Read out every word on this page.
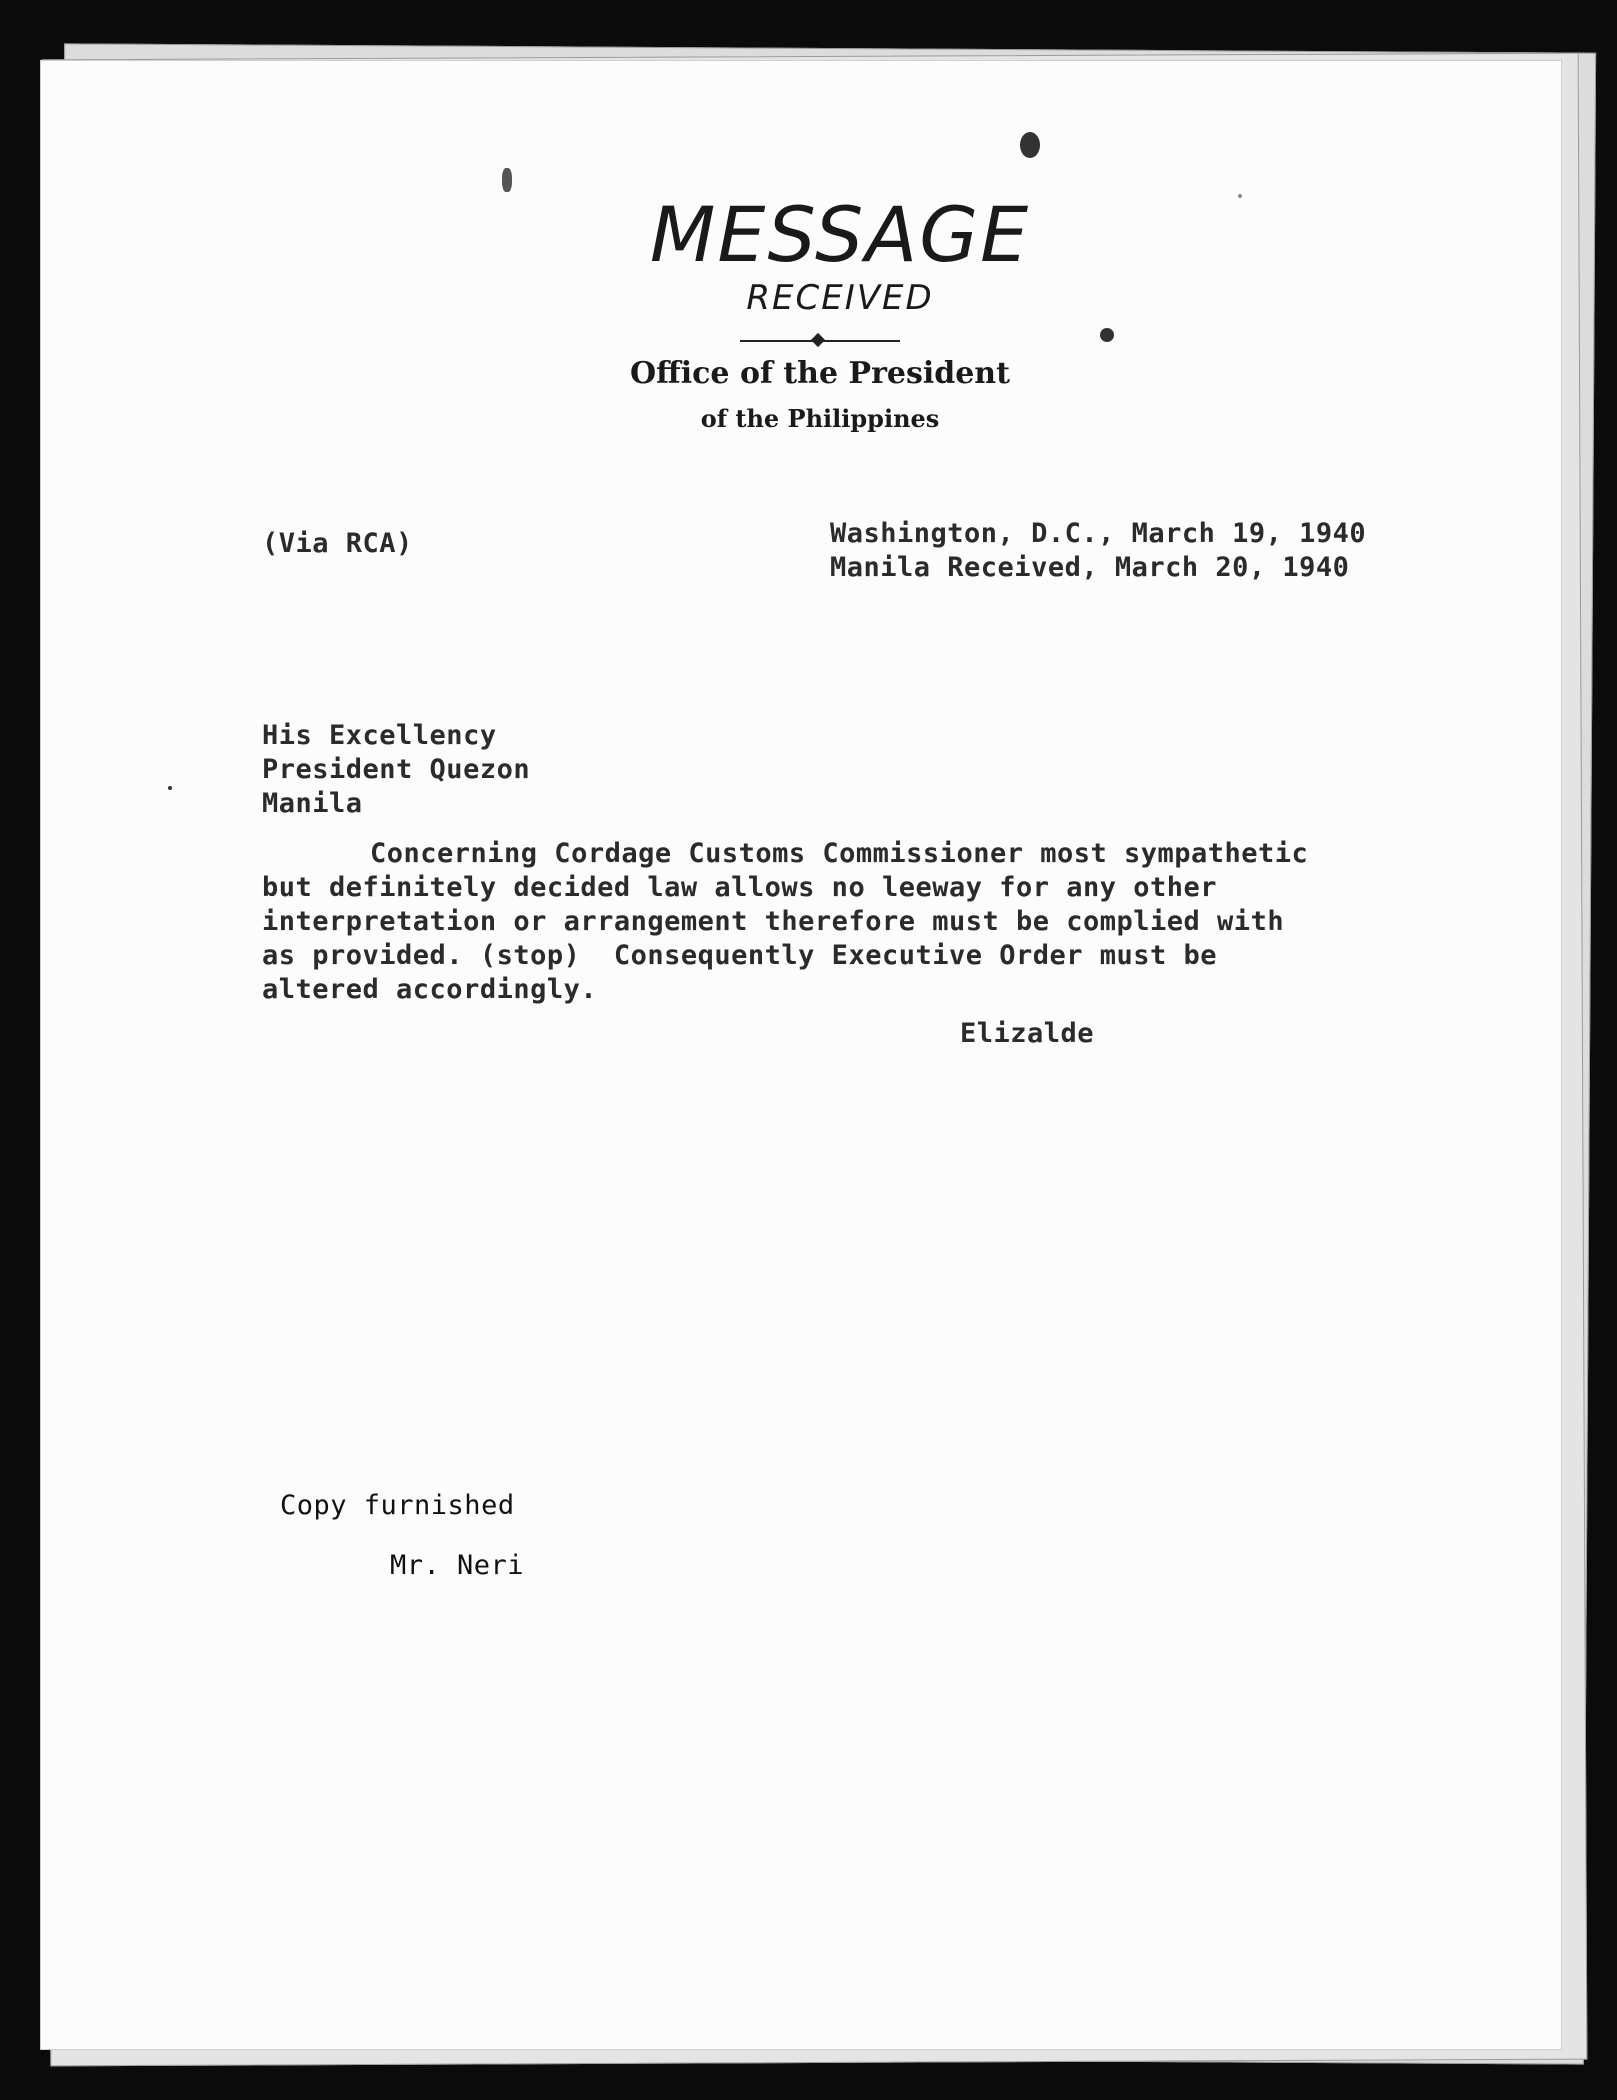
MESSAGE
RECEIVED
Office of the President
of the Philippines
(Via RCA)	Washington, D.C., March 19, 1940
Manila Received, March 20, 1940
His Excellency
President Quezon
Manila
Concerning Cordage Customs Commissioner most sympathetic
but definitely decided law allows no leeway for any other
interpretation or arrangement therefore must be complied with
as provided. (stop)  Consequently Executive Order must be
altered accordingly.
Elizalde
Copy furnished
Mr. Neri
